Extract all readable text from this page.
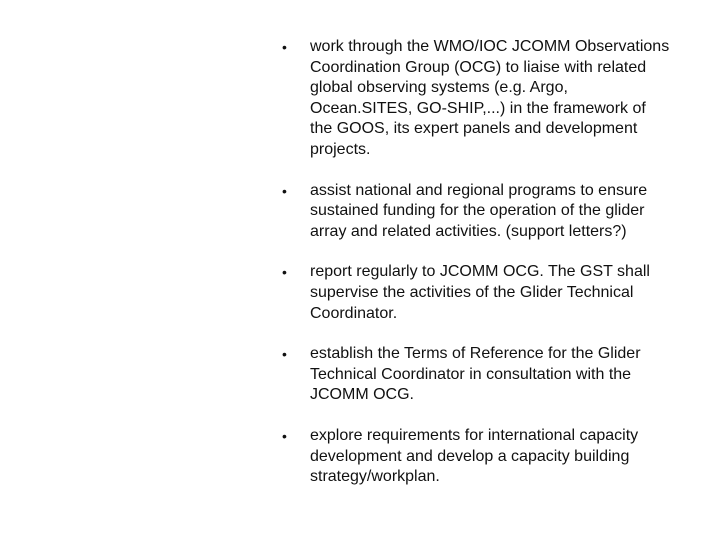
• work through the WMO/IOC JCOMM Observations
Coordination Group (OCG) to liaise with related
global observing systems (e.g. Argo,
Ocean.SITES, GO-SHIP,...) in the framework of
the GOOS, its expert panels and development
projects.
• assist national and regional programs to ensure
sustained funding for the operation of the glider
array and related activities. (support letters?)
• report regularly to JCOMM OCG. The GST shall
supervise the activities of the Glider Technical
Coordinator.
• establish the Terms of Reference for the Glider
Technical Coordinator in consultation with the
JCOMM OCG.
• explore requirements for international capacity
development and develop a capacity building
strategy/workplan.
